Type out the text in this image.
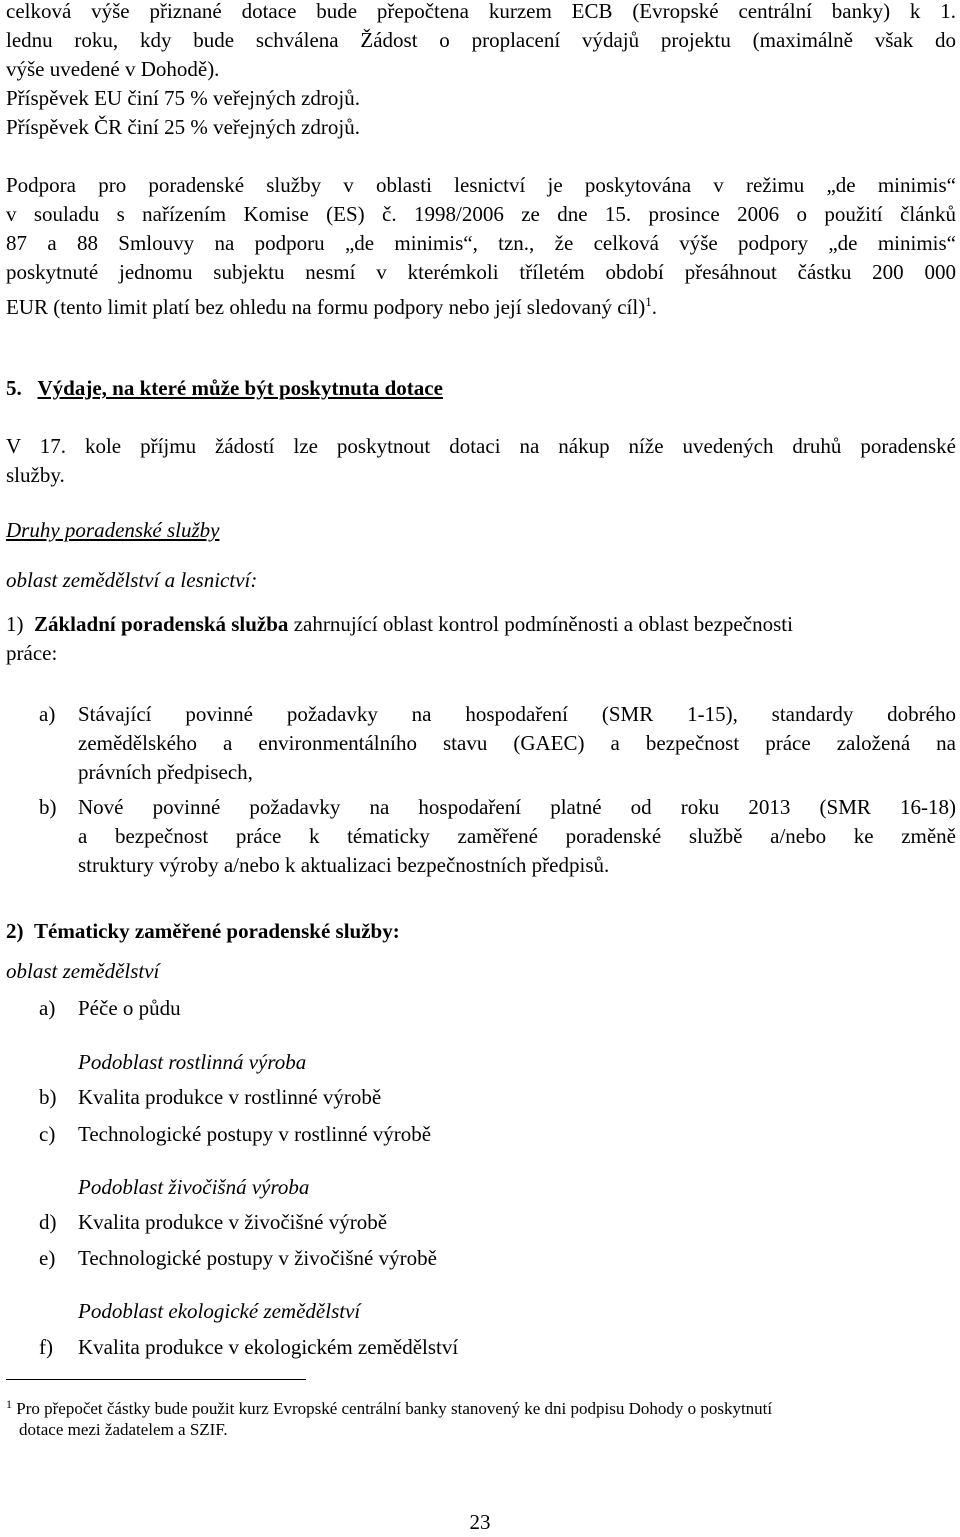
celková výše přiznané dotace bude přepočtena kurzem ECB (Evropské centrální banky) k 1.
lednu roku, kdy bude schválena Žádost o proplacení výdajů projektu (maximálně však do
výše uvedené v Dohodě).
Příspěvek EU činí 75 % veřejných zdrojů.
Příspěvek ČR činí 25 % veřejných zdrojů.
Podpora pro poradenské služby v oblasti lesnictví je poskytována v režimu „de minimis“
v souladu s nařízením Komise (ES) č. 1998/2006 ze dne 15. prosince 2006 o použití článků
87 a 88 Smlouvy na podporu „de minimis“, tzn., že celková výše podpory „de minimis“
poskytnuté jednomu subjektu nesmí v kterémkoli tříletém období přesáhnout částku 200 000
EUR (tento limit platí bez ohledu na formu podpory nebo její sledovaný cíl)$^1$.
5. Výdaje, na které může být poskytnuta dotace
V 17. kole příjmu žádostí lze poskytnout dotaci na nákup níže uvedených druhů poradenské
služby.
Druhy poradenské služby
oblast zemědělství a lesnictví:
1) Základní poradenská služba zahrnující oblast kontrol podmíněnosti a oblast bezpečnosti
práce:
a) Stávající povinné požadavky na hospodaření (SMR 1-15), standardy dobrého
zemědělského a environmentálního stavu (GAEC) a bezpečnost práce založená na
právních předpisech,
b) Nové povinné požadavky na hospodaření platné od roku 2013 (SMR 16-18)
a bezpečnost práce k tématicky zaměřené poradenské službě a/nebo ke změně
struktury výroby a/nebo k aktualizaci bezpečnostních předpisů.
2) Tématicky zaměřené poradenské služby:
oblast zemědělství
a) Péče o půdu
Podoblast rostlinná výroba
b) Kvalita produkce v rostlinné výrobě
c) Technologické postupy v rostlinné výrobě
Podoblast živočišná výroba
d) Kvalita produkce v živočišné výrobě
e) Technologické postupy v živočišné výrobě
Podoblast ekologické zemědělství
f) Kvalita produkce v ekologickém zemědělství
$^1$ Pro přepočet částky bude použit kurz Evropské centrální banky stanovený ke dni podpisu Dohody o poskytnutí
dotace mezi žadatelem a SZIF.
23
